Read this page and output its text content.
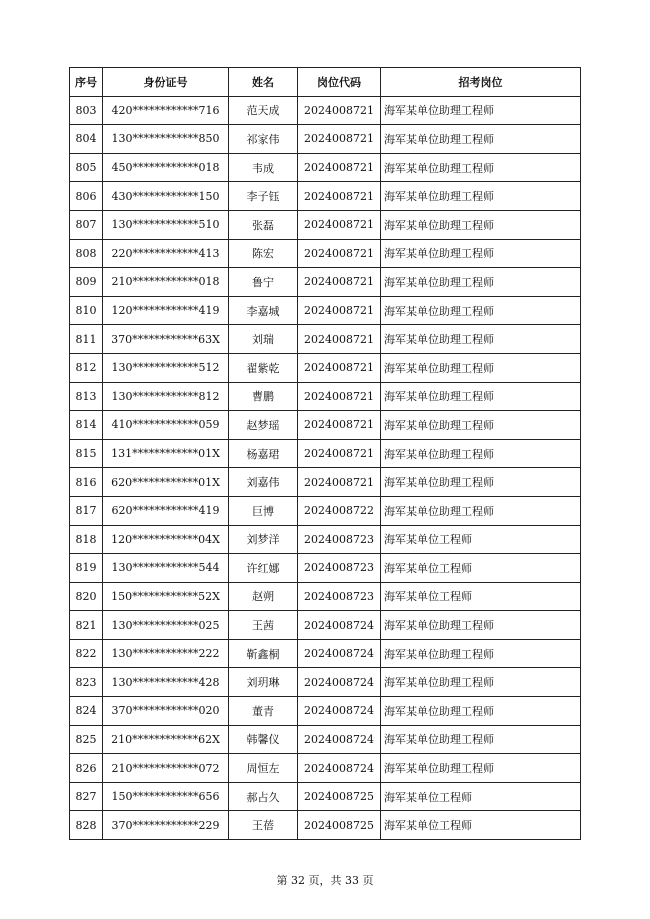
序号	身份证号	姓名	岗位代码	招考岗位
803	420************716	范天成	2024008721	海军某单位助理工程师
804	130************850	祁家伟	2024008721	海军某单位助理工程师
805	450************018	韦成	2024008721	海军某单位助理工程师
806	430************150	李子钰	2024008721	海军某单位助理工程师
807	130************510	张磊	2024008721	海军某单位助理工程师
808	220************413	陈宏	2024008721	海军某单位助理工程师
809	210************018	鲁宁	2024008721	海军某单位助理工程师
810	120************419	李嘉城	2024008721	海军某单位助理工程师
811	370************63X	刘瑞	2024008721	海军某单位助理工程师
812	130************512	翟紫乾	2024008721	海军某单位助理工程师
813	130************812	曹鹏	2024008721	海军某单位助理工程师
814	410************059	赵梦瑶	2024008721	海军某单位助理工程师
815	131************01X	杨嘉珺	2024008721	海军某单位助理工程师
816	620************01X	刘嘉伟	2024008721	海军某单位助理工程师
817	620************419	巨博	2024008722	海军某单位助理工程师
818	120************04X	刘梦洋	2024008723	海军某单位工程师
819	130************544	许红娜	2024008723	海军某单位工程师
820	150************52X	赵朔	2024008723	海军某单位工程师
821	130************025	王茜	2024008724	海军某单位助理工程师
822	130************222	靳鑫桐	2024008724	海军某单位助理工程师
823	130************428	刘玥琳	2024008724	海军某单位助理工程师
824	370************020	董青	2024008724	海军某单位助理工程师
825	210************62X	韩馨仪	2024008724	海军某单位助理工程师
826	210************072	周恒左	2024008724	海军某单位助理工程师
827	150************656	郝占久	2024008725	海军某单位工程师
828	370************229	王蓓	2024008725	海军某单位工程师
第 32 页，共 33 页
